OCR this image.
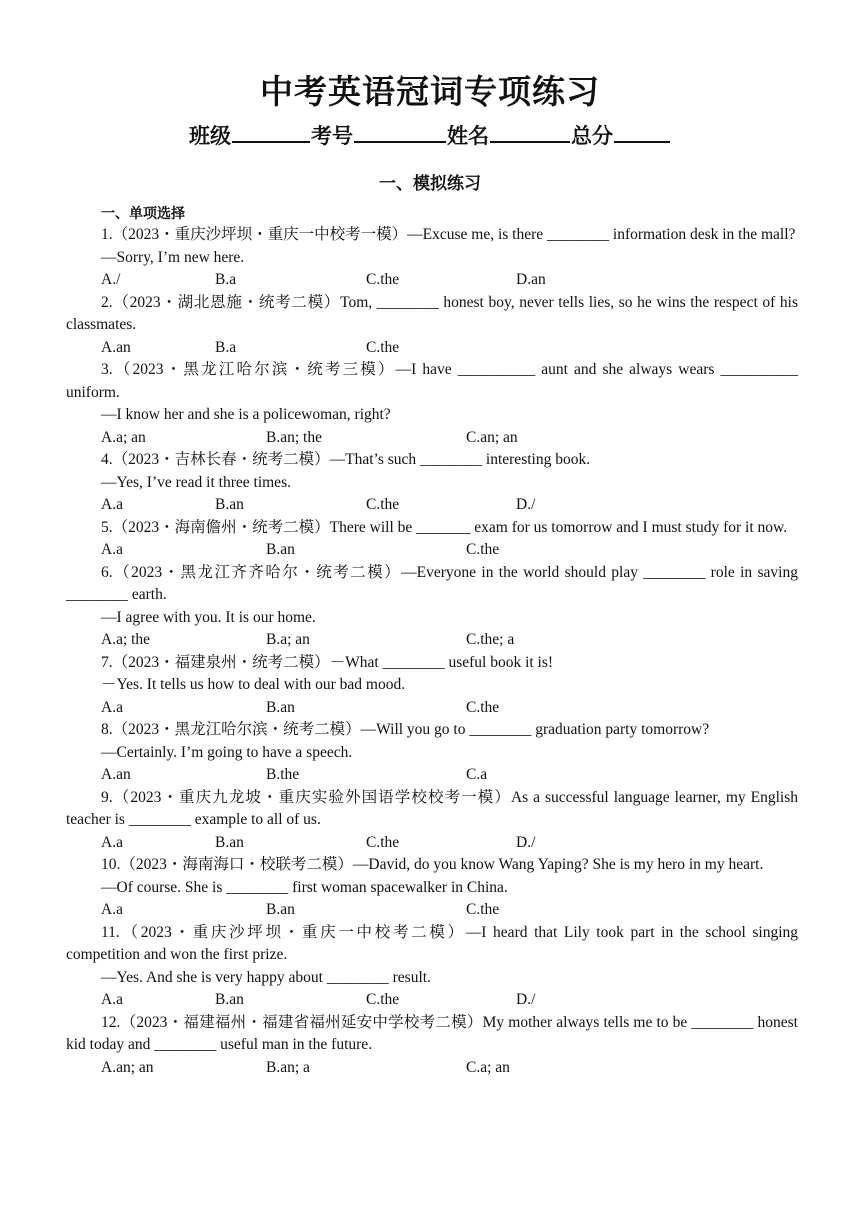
中考英语冠词专项练习
班级	考号	姓名	总分
一、模拟练习
一、单项选择
1.（2023・重庆沙坪坝・重庆一中校考一模）—Excuse me, is there ________ information desk in the mall?
—Sorry, I’m new here.
A./	B.a	C.the	D.an
2.（2023・湖北恩施・统考二模）Tom, ________ honest boy, never tells lies, so he wins the respect of his classmates.
A.an	B.a	C.the
3.（2023・黑龙江哈尔滨・统考三模）—I have __________ aunt and she always wears __________ uniform.
—I know her and she is a policewoman, right?
A.a; an	B.an; the	C.an; an
4.（2023・吉林长春・统考二模）—That’s such ________ interesting book.
—Yes, I’ve read it three times.
A.a	B.an	C.the	D./
5.（2023・海南儋州・统考二模）There will be _______ exam for us tomorrow and I must study for it now.
A.a	B.an	C.the
6.（2023・黑龙江齐齐哈尔・统考二模）—Everyone in the world should play ________ role in saving ________ earth.
—I agree with you. It is our home.
A.a; the	B.a; an	C.the; a
7.（2023・福建泉州・统考二模）－What ________ useful book it is!
－Yes. It tells us how to deal with our bad mood.
A.a	B.an	C.the
8.（2023・黑龙江哈尔滨・统考二模）—Will you go to ________ graduation party tomorrow?
—Certainly. I’m going to have a speech.
A.an	B.the	C.a
9.（2023・重庆九龙坡・重庆实验外国语学校校考一模）As a successful language learner, my English teacher is ________ example to all of us.
A.a	B.an	C.the	D./
10.（2023・海南海口・校联考二模）—David, do you know Wang Yaping? She is my hero in my heart.
—Of course. She is ________ first woman spacewalker in China.
A.a	B.an	C.the
11.（2023・重庆沙坪坝・重庆一中校考二模）—I heard that Lily took part in the school singing competition and won the first prize.
—Yes. And she is very happy about ________ result.
A.a	B.an	C.the	D./
12.（2023・福建福州・福建省福州延安中学校考二模）My mother always tells me to be ________ honest kid today and ________ useful man in the future.
A.an; an	B.an; a	C.a; an
